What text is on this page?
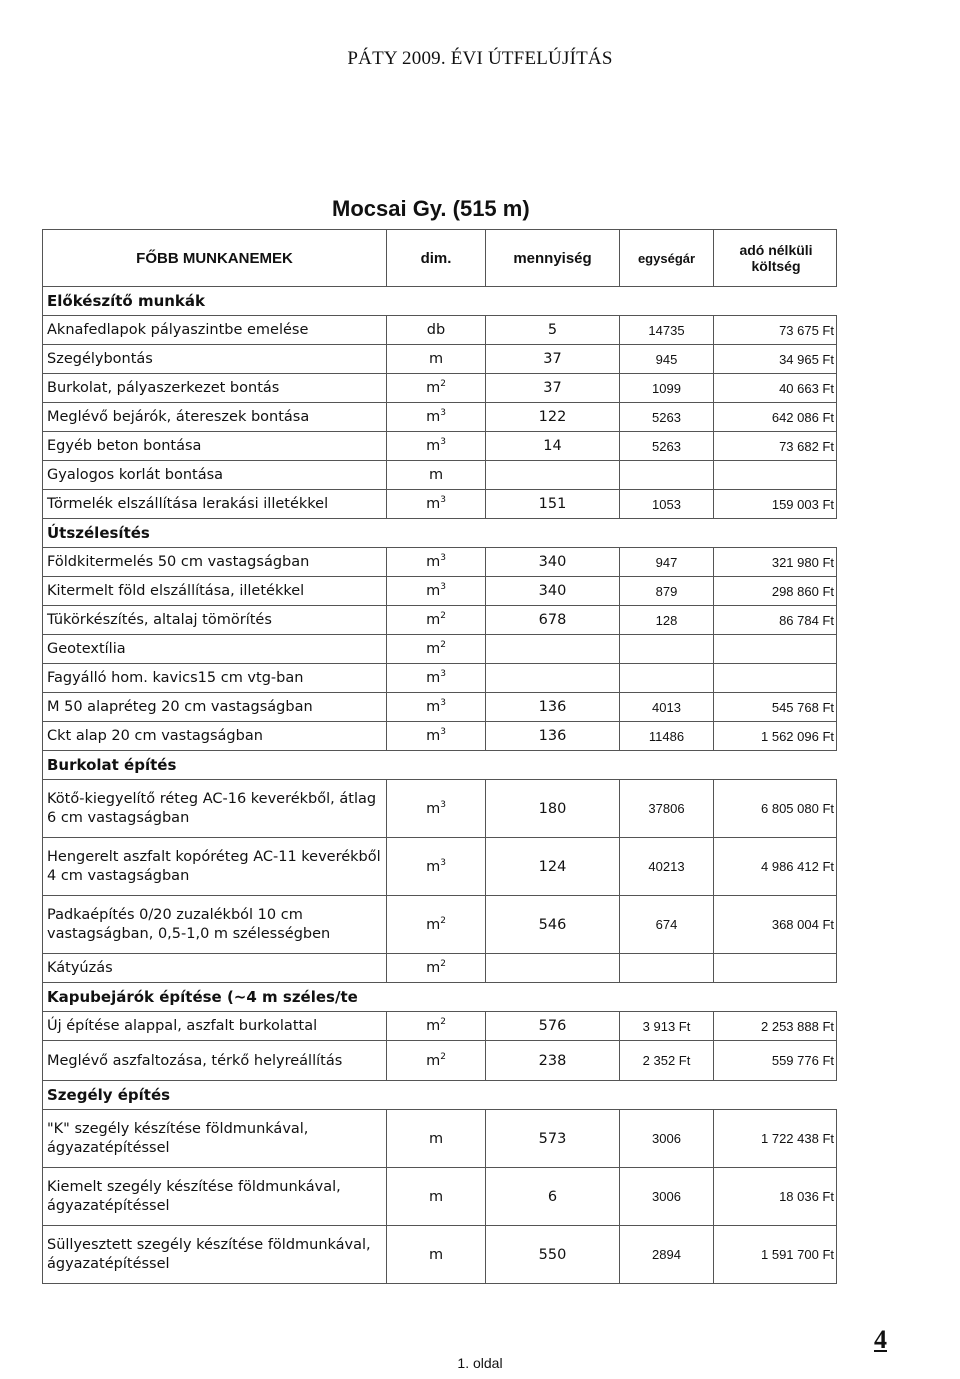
PÁTY 2009. ÉVI ÚTFELÚJÍTÁS
Mocsai Gy. (515 m)
FŐBB MUNKANEMEK	dim.	mennyiség	egységár	adó nélküli költség
Előkészítő munkák				
Aknafedlapok pályaszintbe emelése	db	5	14735	73 675 Ft
Szegélybontás	m	37	945	34 965 Ft
Burkolat, pályaszerkezet bontás	$m^2$	37	1099	40 663 Ft
Meglévő bejárók, átereszek bontása	$m^3$	122	5263	642 086 Ft
Egyéb beton bontása	$m^3$	14	5263	73 682 Ft
Gyalogos korlát bontása	m			
Törmelék elszállítása lerakási illetékkel	$m^3$	151	1053	159 003 Ft
Útszélesítés				
Földkitermelés 50 cm vastagságban	$m^3$	340	947	321 980 Ft
Kitermelt föld elszállítása, illetékkel	$m^3$	340	879	298 860 Ft
Tükörkészítés, altalaj tömörítés	$m^2$	678	128	86 784 Ft
Geotextília	$m^2$			
Fagyálló hom. kavics15 cm vtg-ban	$m^3$			
M 50 alapréteg 20 cm vastagságban	$m^3$	136	4013	545 768 Ft
Ckt alap 20 cm vastagságban	$m^3$	136	11486	1 562 096 Ft
Burkolat építés				
Kötő-kiegyelítő réteg AC-16 keverékből, átlag 6 cm vastagságban	$m^3$	180	37806	6 805 080 Ft
Hengerelt aszfalt kopóréteg AC-11 keverékből 4 cm vastagságban	$m^3$	124	40213	4 986 412 Ft
Padkaépítés 0/20 zuzalékból 10 cm vastagságban, 0,5-1,0 m szélességben	$m^2$	546	674	368 004 Ft
Kátyúzás	$m^2$			
Kapubejárók építése (~4 m széles/te				
Új építése alappal, aszfalt burkolattal	$m^2$	576	3 913 Ft	2 253 888 Ft
Meglévő aszfaltozása, térkő helyreállítás	$m^2$	238	2 352 Ft	559 776 Ft
Szegély építés				
"K" szegély készítése földmunkával, ágyazatépítéssel	m	573	3006	1 722 438 Ft
Kiemelt szegély készítése földmunkával, ágyazatépítéssel	m	6	3006	18 036 Ft
Süllyesztett szegély készítése földmunkával, ágyazatépítéssel	m	550	2894	1 591 700 Ft
4
1. oldal
